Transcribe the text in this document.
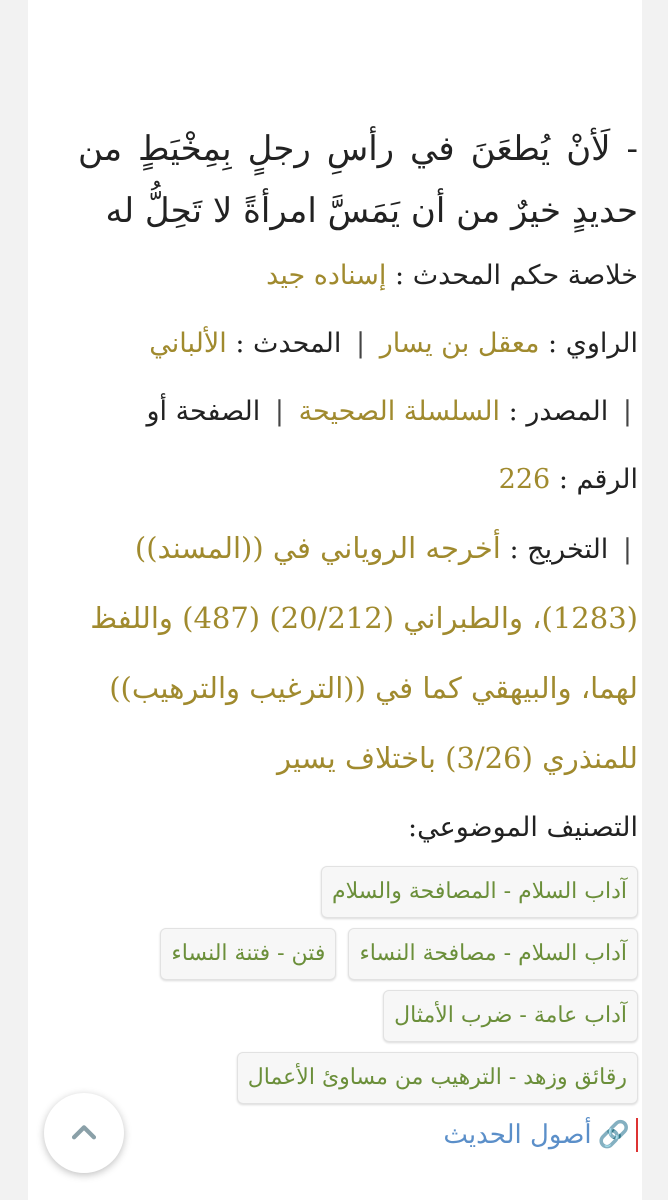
- لَأنْ يُطعَنَ في رأسِ رجلٍ بِمِخْيَطٍ من حديدٍ خيرٌ من أن يَمَسَّ امرأةً لا تَحِلُّ له

خلاصة حكم المحدث : إسناده جيد
الراوي : معقل بن يسار | المحدث : الألباني
| المصدر : السلسلة الصحيحة | الصفحة أو الرقم : 226
| التخريج : أخرجه الروياني في ((المسند)) (1283)، والطبراني (20/212) (487) واللفظ لهما، والبيهقي كما في ((الترغيب والترهيب)) للمنذري (3/26) باختلاف يسير
التصنيف الموضوعي:
آداب السلام - المصافحة والسلام
آداب السلام - مصافحة النساء
فتن - فتنة النساء
آداب عامة - ضرب الأمثال
رقائق وزهد - الترهيب من مساوئ الأعمال
🔗
أصول الحديث
